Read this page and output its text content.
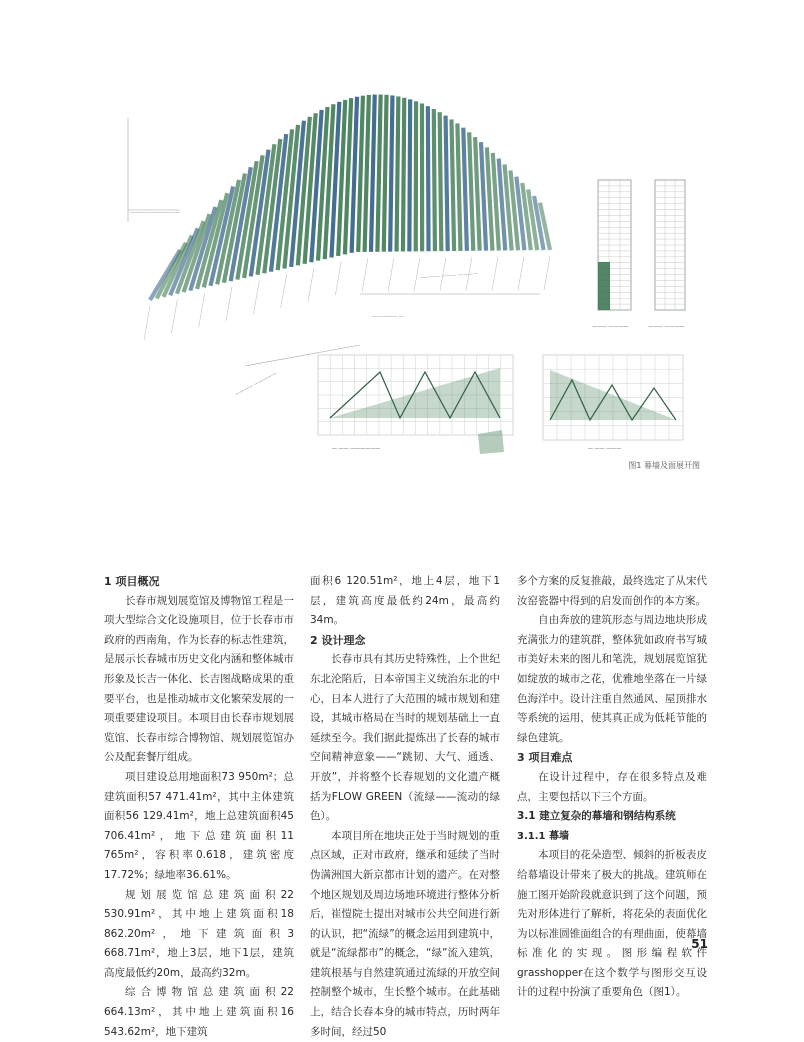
——————————
———— ——— ————
———— —————
————— —
——— ————	——— ————
— —— ——————	— —— ———
图1 幕墙及面展开图
1 项目概况

长春市规划展览馆及博物馆工程是一项大型综合文化设施项目，位于长春市市政府的西南角，作为长春的标志性建筑，是展示长春城市历史文化内涵和整体城市形象及长吉一体化、长吉图战略成果的重要平台，也是推动城市文化繁荣发展的一项重要建设项目。本项目由长春市规划展览馆、长春市综合博物馆、规划展览馆办公及配套餐厅组成。

项目建设总用地面积73 950m²；总建筑面积57 471.41m²，其中主体建筑面积56 129.41m²，地上总建筑面积45 706.41m²，地下总建筑面积11 765m²，容积率0.618，建筑密度17.72%；绿地率36.61%。

规划展览馆总建筑面积22 530.91m²，其中地上建筑面积18 862.20m²，地下建筑面积3 668.71m²，地上3层，地下1层，建筑高度最低约20m，最高约32m。

综合博物馆总建筑面积22 664.13m²，其中地上建筑面积16 543.62m²，地下建筑

面积6 120.51m²，地上4层，地下1层，建筑高度最低约24m，最高约34m。

2 设计理念

长春市具有其历史特殊性，上个世纪东北沦陷后，日本帝国主义统治东北的中心，日本人进行了大范围的城市规划和建设，其城市格局在当时的规划基础上一直延续至今。我们据此提炼出了长春的城市空间精神意象——“跳韧、大气、通透、开放”，并将整个长春规划的文化遗产概括为FLOW GREEN（流绿——流动的绿色）。

本项目所在地块正处于当时规划的重点区域，正对市政府，继承和延续了当时伪满洲国大新京都市计划的遗产。在对整个地区规划及周边场地环境进行整体分析后，崔愷院士提出对城市公共空间进行新的认识，把“流绿”的概念运用到建筑中，就是“流绿都市”的概念，“绿”流入建筑，建筑根基与自然建筑通过流绿的开放空间控制整个城市，生长整个城市。在此基础上，结合长春本身的城市特点，历时两年多时间，经过50

多个方案的反复推敲，最终选定了从宋代汝窑瓷器中得到的启发而创作的本方案。

自由奔放的建筑形态与周边地块形成充满张力的建筑群，整体犹如政府书写城市美好未来的图儿和笔洗，规划展览馆犹如绽放的城市之花，优雅地坐落在一片绿色海洋中。设计注重自然通风、屋顶排水等系统的运用，使其真正成为低耗节能的绿色建筑。

3 项目难点

在设计过程中，存在很多特点及难点，主要包括以下三个方面。

3.1 建立复杂的幕墙和钢结构系统
3.1.1 幕墙

本项目的花朵造型、倾斜的折板表皮给幕墙设计带来了极大的挑战。建筑师在施工图开始阶段就意识到了这个问题，预先对形体进行了解析，将花朵的表面优化为以标准圆锥面组合的有理曲面，使幕墙标准化的实现。图形编程软件grasshopper在这个数学与图形交互设计的过程中扮演了重要角色（图1）。

51
